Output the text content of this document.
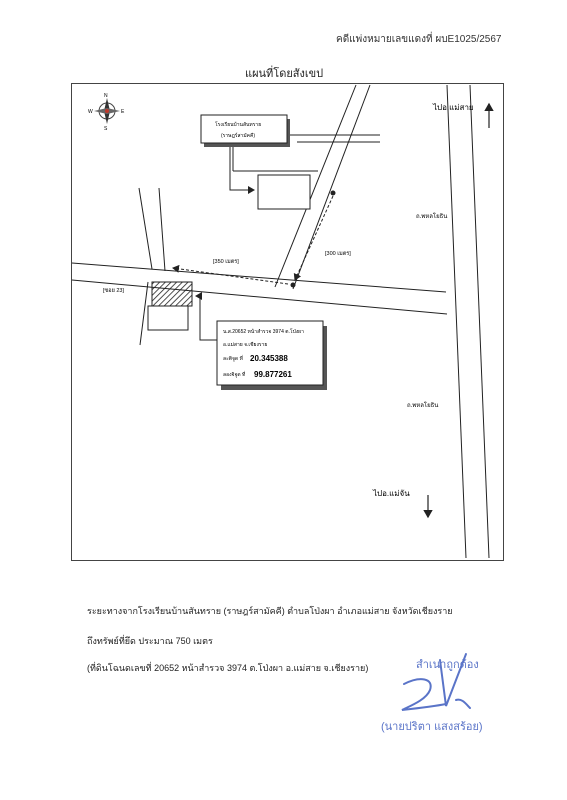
คดีแพ่งหมายเลขแดงที่ ผบE1025/2567
แผนที่โดยสังเขป
N
S
W	E	ไปอ.แม่สาย
ไปอ.แม่จัน
ถ.พหลโยธิน
ถ.พหลโยธิน
[ซอย 23]
[350 เมตร]
[300 เมตร]
โรงเรียนบ้านสันทราย
(ราษฎร์สามัคคี)
น.ส.20652 หน้าสำรวจ 3974 ต.โป่งผา
อ.แม่สาย จ.เชียงราย
ละติจูด ที่ 20.345388
ลองจิจูด ที่ 99.877261
ระยะทางจากโรงเรียนบ้านสันทราย (ราษฎร์สามัคคี) ตำบลโป่งผา อำเภอแม่สาย จังหวัดเชียงราย
ถึงทรัพย์ที่ยึด ประมาณ 750 เมตร
(ที่ดินโฉนดเลขที่ 20652 หน้าสำรวจ 3974 ต.โป่งผา อ.แม่สาย จ.เชียงราย)	สำเนาถูกต้อง
(นายปริตา แสงสร้อย)
